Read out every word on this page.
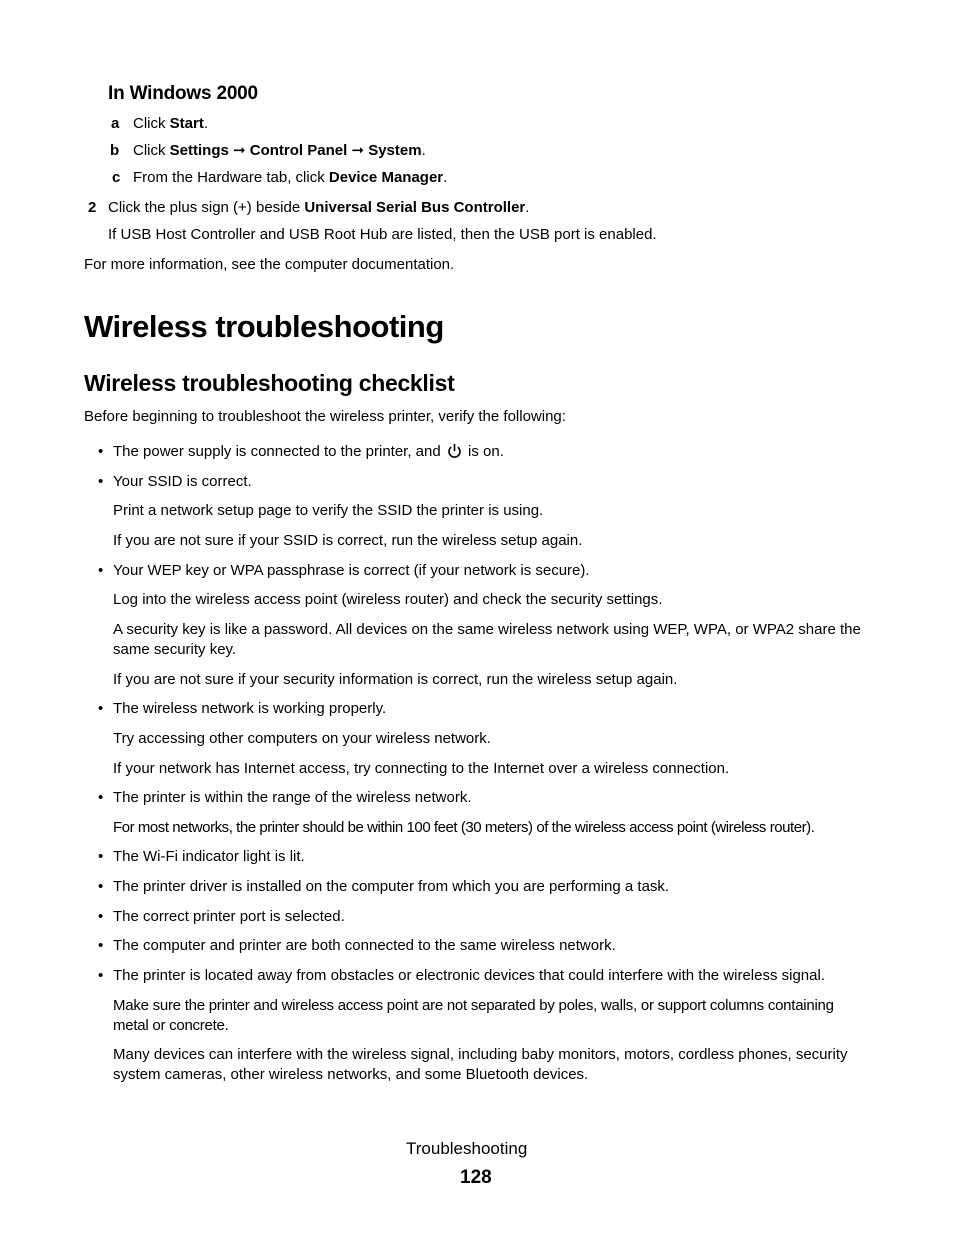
In Windows 2000
a Click Start.
b Click Settings ➞ Control Panel ➞ System.
c From the Hardware tab, click Device Manager.
2 Click the plus sign (+) beside Universal Serial Bus Controller.
If USB Host Controller and USB Root Hub are listed, then the USB port is enabled.
For more information, see the computer documentation.
Wireless troubleshooting
Wireless troubleshooting checklist
Before beginning to troubleshoot the wireless printer, verify the following:
• The power supply is connected to the printer, and is on.
• Your SSID is correct.
Print a network setup page to verify the SSID the printer is using.
If you are not sure if your SSID is correct, run the wireless setup again.
• Your WEP key or WPA passphrase is correct (if your network is secure).
Log into the wireless access point (wireless router) and check the security settings.
A security key is like a password. All devices on the same wireless network using WEP, WPA, or WPA2 share the same security key.
If you are not sure if your security information is correct, run the wireless setup again.
• The wireless network is working properly.
Try accessing other computers on your wireless network.
If your network has Internet access, try connecting to the Internet over a wireless connection.
• The printer is within the range of the wireless network.
For most networks, the printer should be within 100 feet (30 meters) of the wireless access point (wireless router).
• The Wi-Fi indicator light is lit.
• The printer driver is installed on the computer from which you are performing a task.
• The correct printer port is selected.
• The computer and printer are both connected to the same wireless network.
• The printer is located away from obstacles or electronic devices that could interfere with the wireless signal.
Make sure the printer and wireless access point are not separated by poles, walls, or support columns containing metal or concrete.
Many devices can interfere with the wireless signal, including baby monitors, motors, cordless phones, security system cameras, other wireless networks, and some Bluetooth devices.
Troubleshooting
128
